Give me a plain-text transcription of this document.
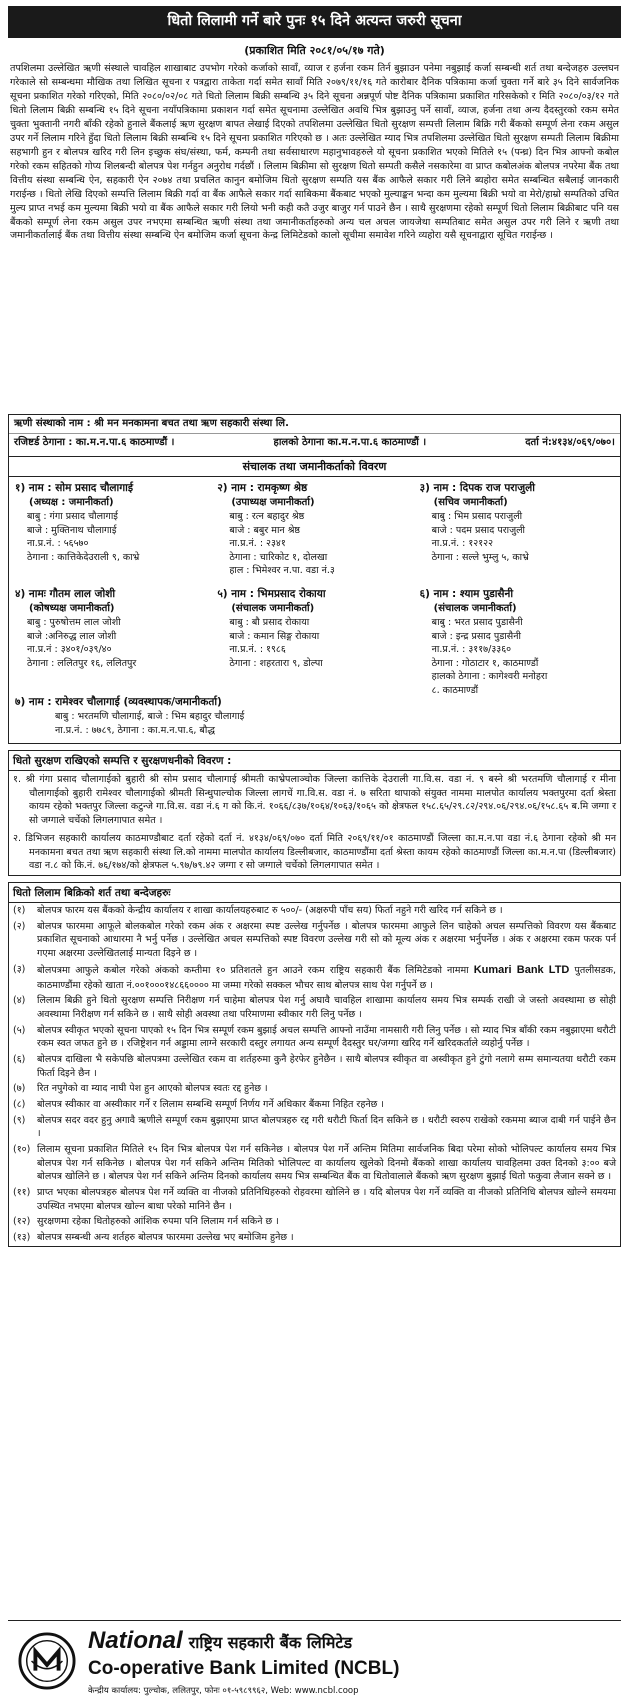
धितो लिलामी गर्ने बारे पुनः १५ दिने अत्यन्त जरुरी सूचना
(प्रकाशित मिति २०८१/०५/१७ गते)
तपशिलमा उल्लेखित ऋणी संस्थाले चावहिल शाखाबाट उपभोग गरेको कर्जाको सावाँ, व्याज र हर्जना रकम तिर्न बुझाउन पनेमा नबुझाई कर्जा सम्बन्धी शर्त तथा बन्देजहरु उल्लघन गरेकाले सो सम्बन्धमा मौखिक तथा लिखित सूचना र पत्रद्वारा ताकेता गर्दा समेत सावाँ मिति २०७९/११/१६ गते कारोबार दैनिक पत्रिकामा कर्जा चुक्ता गर्ने बारे ३५ दिने सार्वजनिक सूचना प्रकाशित गरेको गरिएको, मिति २०८०/०२/०८ गते धितो लिलाम बिक्री सम्बन्धि ३५ दिने सूचना अन्नपूर्ण पोष्ट दैनिक पत्रिकामा प्रकाशित गरिसकेको र मिति २०८०/०३/१२ गते धितो लिलाम बिक्री सम्बन्धि १५ दिने सूचना नयाँपत्रिकामा प्रकाशन गर्दा समेत सूचनामा उल्लेखित अवधि भित्र बुझाउनु पर्ने सावाँ, व्याज, हर्जना तथा अन्य दैदस्तुरको रकम समेत चुक्ता भुक्तानी नगरी बाँकी रहेको हुनाले बैंकलाई ऋण सुरक्षण बापत लेखाई दिएको तपशिलमा उल्लेखित धितो सुरक्षण सम्पत्ती लिलाम बिक्रि गरी बैंकको सम्पूर्ण लेना रकम असुल उपर गर्ने लिलाम गरिने हुँदा धितो लिलाम बिक्री सम्बन्धि १५ दिने सूचना प्रकाशित गरिएको छ । अतः उल्लेखित म्याद भित्र तपशिलमा उल्लेखित धितो सुरक्षण सम्पती लिलाम बिक्रीमा सहभागी हुन र बोलपत्र खरिद गरी लिन इच्छुक संघ/संस्था, फर्म, कम्पनी तथा सर्वसाधारण महानुभावहरुले यो सूचना प्रकाशित भएको मितिले १५ (पन्ध्र) दिन भित्र आफ्नो कबोल गरेको रकम सहितको गोप्य शिलबन्दी बोलपत्र पेश गर्नहुन अनुरोध गर्दछौं । लिलाम बिक्रीमा सो सुरक्षण धितो सम्पती कसैले नसकारेमा वा प्राप्त कबोलअंक बोलपत्र नपरेमा बैंक तथा वित्तीय संस्था सम्बन्धि ऐन, सहकारी ऐन २०७४ तथा प्रचलित कानुन बमोजिम धितो सुरक्षण सम्पति यस बैंक आफैले सकार गरी लिने ब्यहोरा समेत सम्बन्धित सबैलाई जानकारी गराईन्छ । धितो लेखि दिएको सम्पत्ति लिलाम बिक्री गर्दा वा बैंक आफैले सकार गर्दा साबिकमा बैंकबाट भएको मुल्याङ्कन भन्दा कम मुल्यमा बिक्री भयो वा मेरो/हाम्रो सम्पतिको उचित मुल्य प्राप्त नभई कम मुल्यमा बिक्री भयो वा बैंक आफैले सकार गरी लियो भनी कही कतै उजुर बाजुर गर्न पाउने छैन । साथै सुरक्षणमा रहेको सम्पूर्ण धितो लिलाम बिक्रीबाट पनि यस बैंकको सम्पूर्ण लेना रकम असुल उपर नभएमा सम्बन्धित ऋणी संस्था तथा जमानीकर्ताहरुको अन्य चल अचल जायजेथा सम्पतिबाट समेत असुल उपर गरी लिने र ऋणी तथा जमानीकर्तालाई बैंक तथा वित्तीय संस्था सम्बन्धि ऐन बमोजिम कर्जा सूचना केन्द्र लिमिटेडको कालो सूचीमा समावेश गरिने व्यहोरा यसै सूचनाद्वारा सूचित गराईन्छ ।
ऋणी संस्थाको नाम : श्री मन मनकामना बचत तथा ऋण सहकारी संस्था लि.
रजिष्टर्ड ठेगाना : का.म.न.पा.६ काठमाण्डौं ।	हालको ठेगाना का.म.न.पा.६ काठमाण्डौं ।	दर्ता नं:४१३४/०६९/०७०।
संचालक तथा जमानीकर्ताको विवरण
१) नाम : सोम प्रसाद चौलागाई
(अध्यक्ष : जमानीकर्ता)
बाबु : गंगा प्रसाद चौलागाई
बाजे : मुक्तिनाथ चौलागाई
ना.प्र.नं. : ५६५७०
ठेगाना : कात्तिकेदेउराली ९, काभ्रे
२) नाम : रामकृष्ण श्रेष्ठ
(उपाध्यक्ष जमानीकर्ता)
बाबु : रत्न बहादुर श्रेष्ठ
बाजे : बबुर मान श्रेष्ठ
ना.प्र.नं. : २३४१
ठेगाना : चारिकोट १, दोलखा
हाल : भिमेश्वर न.पा. वडा नं.३
३) नाम : दिपक राज पराजुली
(सचिव जमानीकर्ता)
बाबु : भिम प्रसाद पराजुली
बाजे : पदम प्रसाद पराजुली
ना.प्र.नं. : १२१२२
ठेगाना : सल्ले भुम्लु ५, काभ्रे
४) नामः गौतम लाल जोशी
(कोषध्यक्ष जमानीकर्ता)
बाबु : पुरुषोत्तम लाल जोशी
बाजे :अनिरुद्ध लाल जोशी
ना.प्र.नं : ३४०१/०३९/४०
ठेगाना : ललितपुर १६, ललितपुर
५) नाम : भिमप्रसाद रोकाया
(संचालक जमानीकर्ता)
बाबु : बौ प्रसाद रोकाया
बाजे : कमान सिङ्ग रोकाया
ना.प्र.नं. : १९८६
ठेगाना : शहरतारा ९, डोल्पा
६) नाम : श्याम पुडासैनी
(संचालक जमानीकर्ता)
बाबु : भरत प्रसाद पुडासैनी
बाजे : इन्द्र प्रसाद पुडासैनी
ना.प्र.नं. : ३११७/३३६०
ठेगाना : गोठाटार १, काठमाण्डौं
हालको ठेगाना : कागेश्वरी मनोहरा
८, काठमाण्डौं
७) नाम : रामेश्वर चौलागाई (व्यवस्थापक/जमानीकर्ता)
बाबु : भरतमणि चौलागाई, बाजे : भिम बहादुर चौलागाई
ना.प्र.नं. : ७७८९, ठेगाना : का.म.न.पा.६, बौद्ध
धितो सुरक्षण राखिएको सम्पत्ति र सुरक्षणधनीको विवरण :
१. श्री गंगा प्रसाद चौलागाईको बुहारी श्री सोम प्रसाद चौलागाई श्रीमती काभ्रेपलाञ्चोक जिल्ला कात्तिके देउराली गा.वि.स. वडा नं. ९ बस्ने श्री भरतमणि चौलागाई र मीना चौलागाईको बुहारी रामेश्वर चौलागाईको श्रीमती सिन्धुपाल्चोक जिल्ला लागचें गा.वि.स. वडा नं. ७ सरिता थापाको संयुक्त नाममा मालपोत कार्यालय भक्तपुरमा दर्ता श्रेस्ता कायम रहेको भक्तपुर जिल्ला कटुन्जे गा.वि.स. वडा नं.६ ग को कि.नं. १०६६/८३७/१०६४/१०६३/१०६५ को क्षेत्रफल १५८.६५/२९.८२/२९४.०६/२९४.०६/१५८.६५ ब.मि जग्गा र सो जग्गाले चर्चेको लिगलगापात समेत ।
२. डिभिजन सहकारी कार्यालय काठमाण्डौबाट दर्ता रहेको दर्ता नं. ४१३४/०६९/०७० दर्ता मिति २०६९/११/०१ काठमाण्डौं जिल्ला का.म.न.पा वडा नं.६ ठेगाना रहेको श्री मन मनकामना बचत तथा ऋण सहकारी संस्था लि.को नाममा मालपोत कार्यालय डिल्लीबजार, काठमाण्डौंमा दर्ता श्रेस्ता कायम रहेको काठमाण्डौं जिल्ला का.म.न.पा (डिल्लीबजार) वडा न.८ को कि.नं. ७६/१७४/को क्षेत्रफल ५.९७/७९.४२ जग्गा र सो जग्गाले चर्चेको लिगलगापात समेत ।
धितो लिलाम बिक्रिको शर्त तथा बन्देजहरुः
(१)	बोलपत्र फारम यस बैंकको केन्द्रीय कार्यालय र शाखा कार्यालयहरुबाट रु ५००/- (अक्षरुपी पाँच सय) फिर्ता नहुने गरी खरिद गर्न सकिने छ ।
(२)	बोलपत्र फारममा आफूले बोलकबोल गरेको रकम अंक र अक्षरमा स्पष्ट उल्लेख गर्नुपर्नेछ । बोलपत्र फारममा आफुले लिन चाहेको अचल सम्पत्तिको विवरण यस बैंकबाट प्रकाशित सूचनाको आधारमा नै भर्नु पर्नेछ । उल्लेखित अचल सम्पत्तिको स्पष्ट विवरण उल्लेख गरी सो को मूल्य अंक र अक्षरमा भर्नुपर्नेछ । अंक र अक्षरमा रकम फरक पर्न गएमा अक्षरमा उल्लेखितलाई मान्यता दिइने छ ।
(३)	बोलपत्रमा आफुले कबोल गरेको अंकको कम्तीमा १० प्रतिशतले हुन आउने रकम राष्ट्रिय सहकारी बैंक लिमिटेडको नाममा Kumari Bank LTD पुतलीसडक, काठमाण्डौंमा रहेको खाता नं.००१०००१४८६६०००० मा जम्मा गरेको सक्कल भौचर साथ बोलपत्र साथ पेश गर्नुपर्ने छ ।
(४)	लिलाम बिक्री हुने धितो सुरक्षण सम्पत्ति निरीक्षण गर्न चाहेमा बोलपत्र पेश गर्नु अघावै चावहिल शाखामा कार्यालय समय भित्र सम्पर्क राखी जे जस्तो अवस्थामा छ सोही अवस्थामा निरीक्षण गर्न सकिने छ । साथै सोही अवस्था तथा परिमाणमा स्वीकार गरी लिनु पर्नेछ ।
(५)	बोलपत्र स्वीकृत भएको सूचना पाएको १५ दिन भित्र सम्पूर्ण रकम बुझाई अचल सम्पत्ति आफ्नो नाउँमा नामसारी गरी लिनु पर्नेछ । सो म्याद भित्र बाँकी रकम नबुझाएमा धरौटी रकम स्वत जफत हुने छ । रजिष्ट्रेशन गर्न अड्डामा लाग्ने सरकारी दस्तुर लगायत अन्य सम्पूर्ण दैदस्तुर घर/जग्गा खरिद गर्ने खरिदकर्ताले व्यहोर्नु पर्नेछ ।
(६)	बोलपत्र दाखिला भै सकेपछि बोलपत्रमा उल्लेखित रकम वा शर्तहरुमा कुनै हेरफेर हुनेछैन । साथै बोलपत्र स्वीकृत वा अस्वीकृत हुने टुंगो नलागे सम्म समान्यतया धरौटी रकम फिर्ता दिइने छैन ।
(७)	रित नपुगेको वा म्याद नाघी पेश हुन आएको बोलपत्र स्वतः रद्द हुनेछ ।
(८)	बोलपत्र स्वीकार वा अस्वीकार गर्ने र लिलाम सम्बन्धि सम्पूर्ण निर्णय गर्ने अधिकार बैंकमा निहित रहनेछ ।
(९)	बोलपत्र सदर वदर हुनु अगावै ऋणीले सम्पूर्ण रकम बुझाएमा प्राप्त बोलपत्रहरु रद्द गरी धरौटी फिर्ता दिन सकिने छ । धरौटी स्वरुप राखेको रकममा ब्याज दाबी गर्न पाईने छैन ।
(१०) लिलाम सूचना प्रकाशित मितिले १५ दिन भित्र बोलपत्र पेश गर्न सकिनेछ । बोलपत्र पेश गर्ने अन्तिम मितिमा सार्वजनिक बिदा परेमा सोको भोलिपल्ट कार्यालय समय भित्र बोलपत्र पेश गर्न सकिनेछ । बोलपत्र पेश गर्न सकिने अन्तिम मितिको भोलिपल्ट वा कार्यालय खुलेको दिनमो बैंकको शाखा कार्यालय चावहिलमा उक्त दिनको ३:०० बजे बोलपत्र खोलिने छ । बोलपत्र पेश गर्न सकिने अन्तिम दिनको कार्यालय समय भित्र सम्बन्धित बैंक वा धितोवालाले बैंकको ऋण सुरक्षण बुझाई धितो फकुवा लैजान सक्ने छ ।
(११) प्राप्त भएका बोलपत्रहरु बोलपत्र पेश गर्ने व्यक्ति वा नीजको प्रतिनिधिहरुको रोहवरमा खोलिने छ । यदि बोलपत्र पेश गर्ने व्यक्ति वा नीजको प्रतिनिधि बोलपत्र खोल्ने समयमा उपस्थित नभएमा बोलपत्र खोल्न बाधा परेको मानिने छैन ।
(१२) सुरक्षणमा रहेका धितोहरुको आंशिक रुपमा पनि लिलाम गर्न सकिने छ ।
(१३) बोलपत्र सम्बन्धी अन्य शर्तहरु बोलपत्र फारममा उल्लेख भए बमोजिम हुनेछ ।
National राष्ट्रिय सहकारी बैंक लिमिटेड
Co-operative Bank Limited (NCBL)
केन्द्रीय कार्यालय: पुल्चोक, ललितपुर, फोनः ०१-५९८९९६२, Web: www.ncbl.coop
